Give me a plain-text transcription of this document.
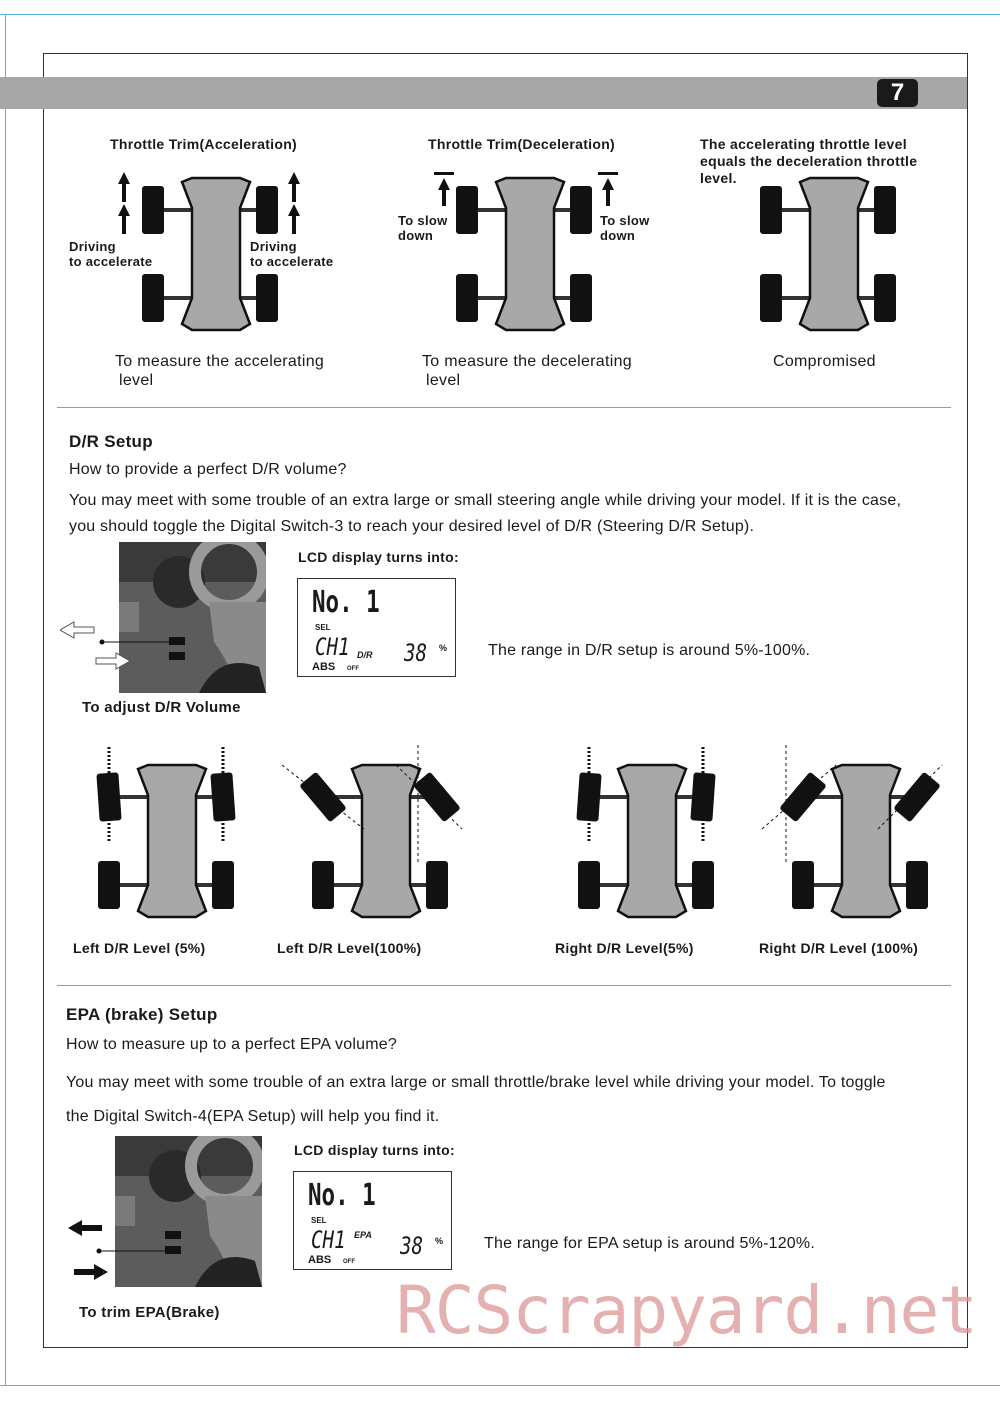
7
Throttle Trim(Acceleration)
Driving
to accelerate
Driving
to accelerate
To measure the accelerating
level
Throttle Trim(Deceleration)
To slow
down
To slow
down
To measure the decelerating
level
The accelerating throttle level
equals the deceleration throttle
level.
Compromised
D/R Setup
How to provide a perfect D/R volume?
You may meet with some trouble of an extra large or small steering angle while driving your model. If it is the case,
you should toggle the Digital Switch-3 to reach your desired level of D/R (Steering D/R Setup).
To adjust D/R Volume
LCD display turns into:
No. 1
SEL
CH1 D/R
ABS OFF
38 %	The range in D/R setup is around 5%-100%.
Left D/R Level (5%)	Left D/R Level(100%)	Right D/R Level(5%)	Right D/R Level (100%)
EPA (brake) Setup
How to measure up to a perfect EPA volume?
You may meet with some trouble of an extra large or small throttle/brake level while driving your model. To toggle
the Digital Switch-4(EPA Setup) will help you find it.
To trim EPA(Brake)
LCD display turns into:
No. 1
SEL
CH1 EPA
ABS OFF
38 %	The range for EPA setup is around 5%-120%.
RCScrapyard.net
